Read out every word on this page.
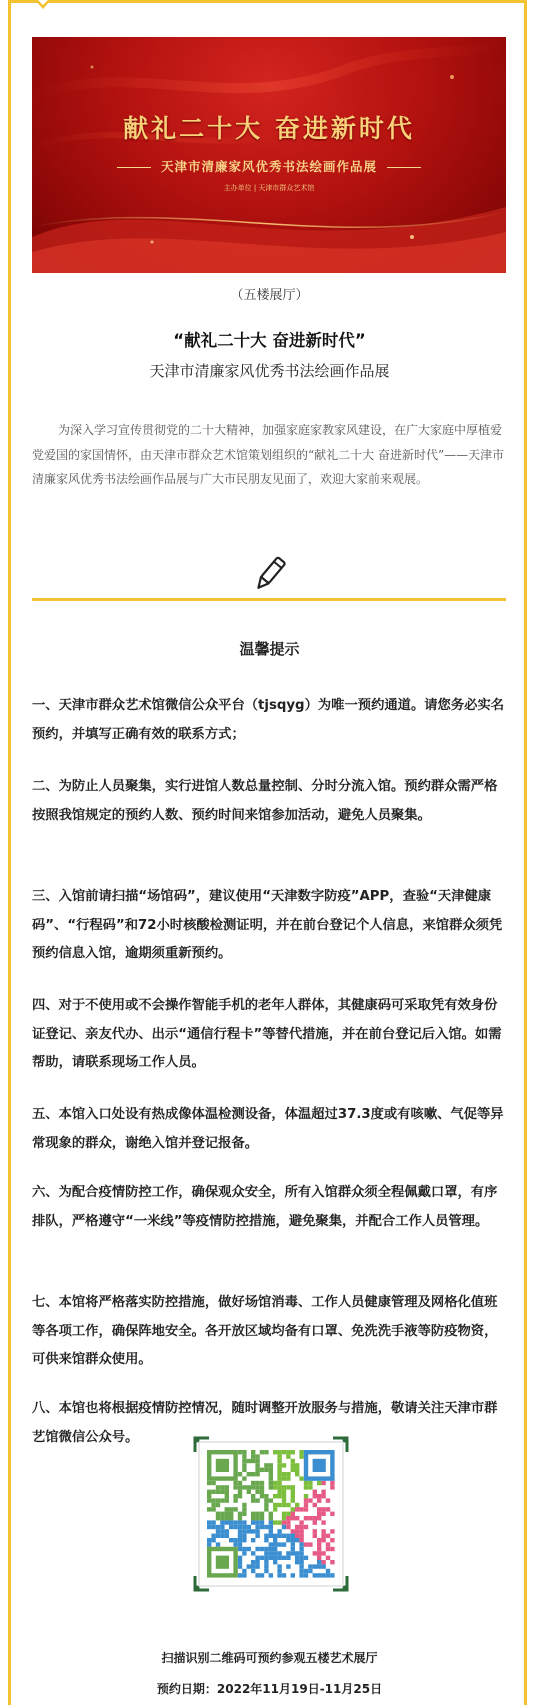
献礼二十大 奋进新时代
天津市清廉家风优秀书法绘画作品展
主办单位 | 天津市群众艺术馆
（五楼展厅）
“献礼二十大 奋进新时代”
天津市清廉家风优秀书法绘画作品展
为深入学习宣传贯彻党的二十大精神，加强家庭家教家风建设，在广大家庭中厚植爱党爱国的家国情怀，由天津市群众艺术馆策划组织的“献礼二十大 奋进新时代”——天津市清廉家风优秀书法绘画作品展与广大市民朋友见面了，欢迎大家前来观展。
温馨提示
一、天津市群众艺术馆微信公众平台（tjsqyg）为唯一预约通道。请您务必实名预约，并填写正确有效的联系方式；
二、为防止人员聚集，实行进馆人数总量控制、分时分流入馆。预约群众需严格按照我馆规定的预约人数、预约时间来馆参加活动，避免人员聚集。
三、入馆前请扫描“场馆码”，建议使用“天津数字防疫”APP，查验“天津健康码”、“行程码”和72小时核酸检测证明，并在前台登记个人信息，来馆群众须凭预约信息入馆，逾期须重新预约。
四、对于不使用或不会操作智能手机的老年人群体，其健康码可采取凭有效身份证登记、亲友代办、出示“通信行程卡”等替代措施，并在前台登记后入馆。如需帮助，请联系现场工作人员。
五、本馆入口处设有热成像体温检测设备，体温超过37.3度或有咳嗽、气促等异常现象的群众，谢绝入馆并登记报备。
六、为配合疫情防控工作，确保观众安全，所有入馆群众须全程佩戴口罩，有序排队，严格遵守“一米线”等疫情防控措施，避免聚集，并配合工作人员管理。
七、本馆将严格落实防控措施，做好场馆消毒、工作人员健康管理及网格化值班等各项工作，确保阵地安全。各开放区域均备有口罩、免洗洗手液等防疫物资，可供来馆群众使用。
八、本馆也将根据疫情防控情况，随时调整开放服务与措施，敬请关注天津市群艺馆微信公众号。
扫描识别二维码可预约参观五楼艺术展厅
预约日期：2022年11月19日-11月25日
